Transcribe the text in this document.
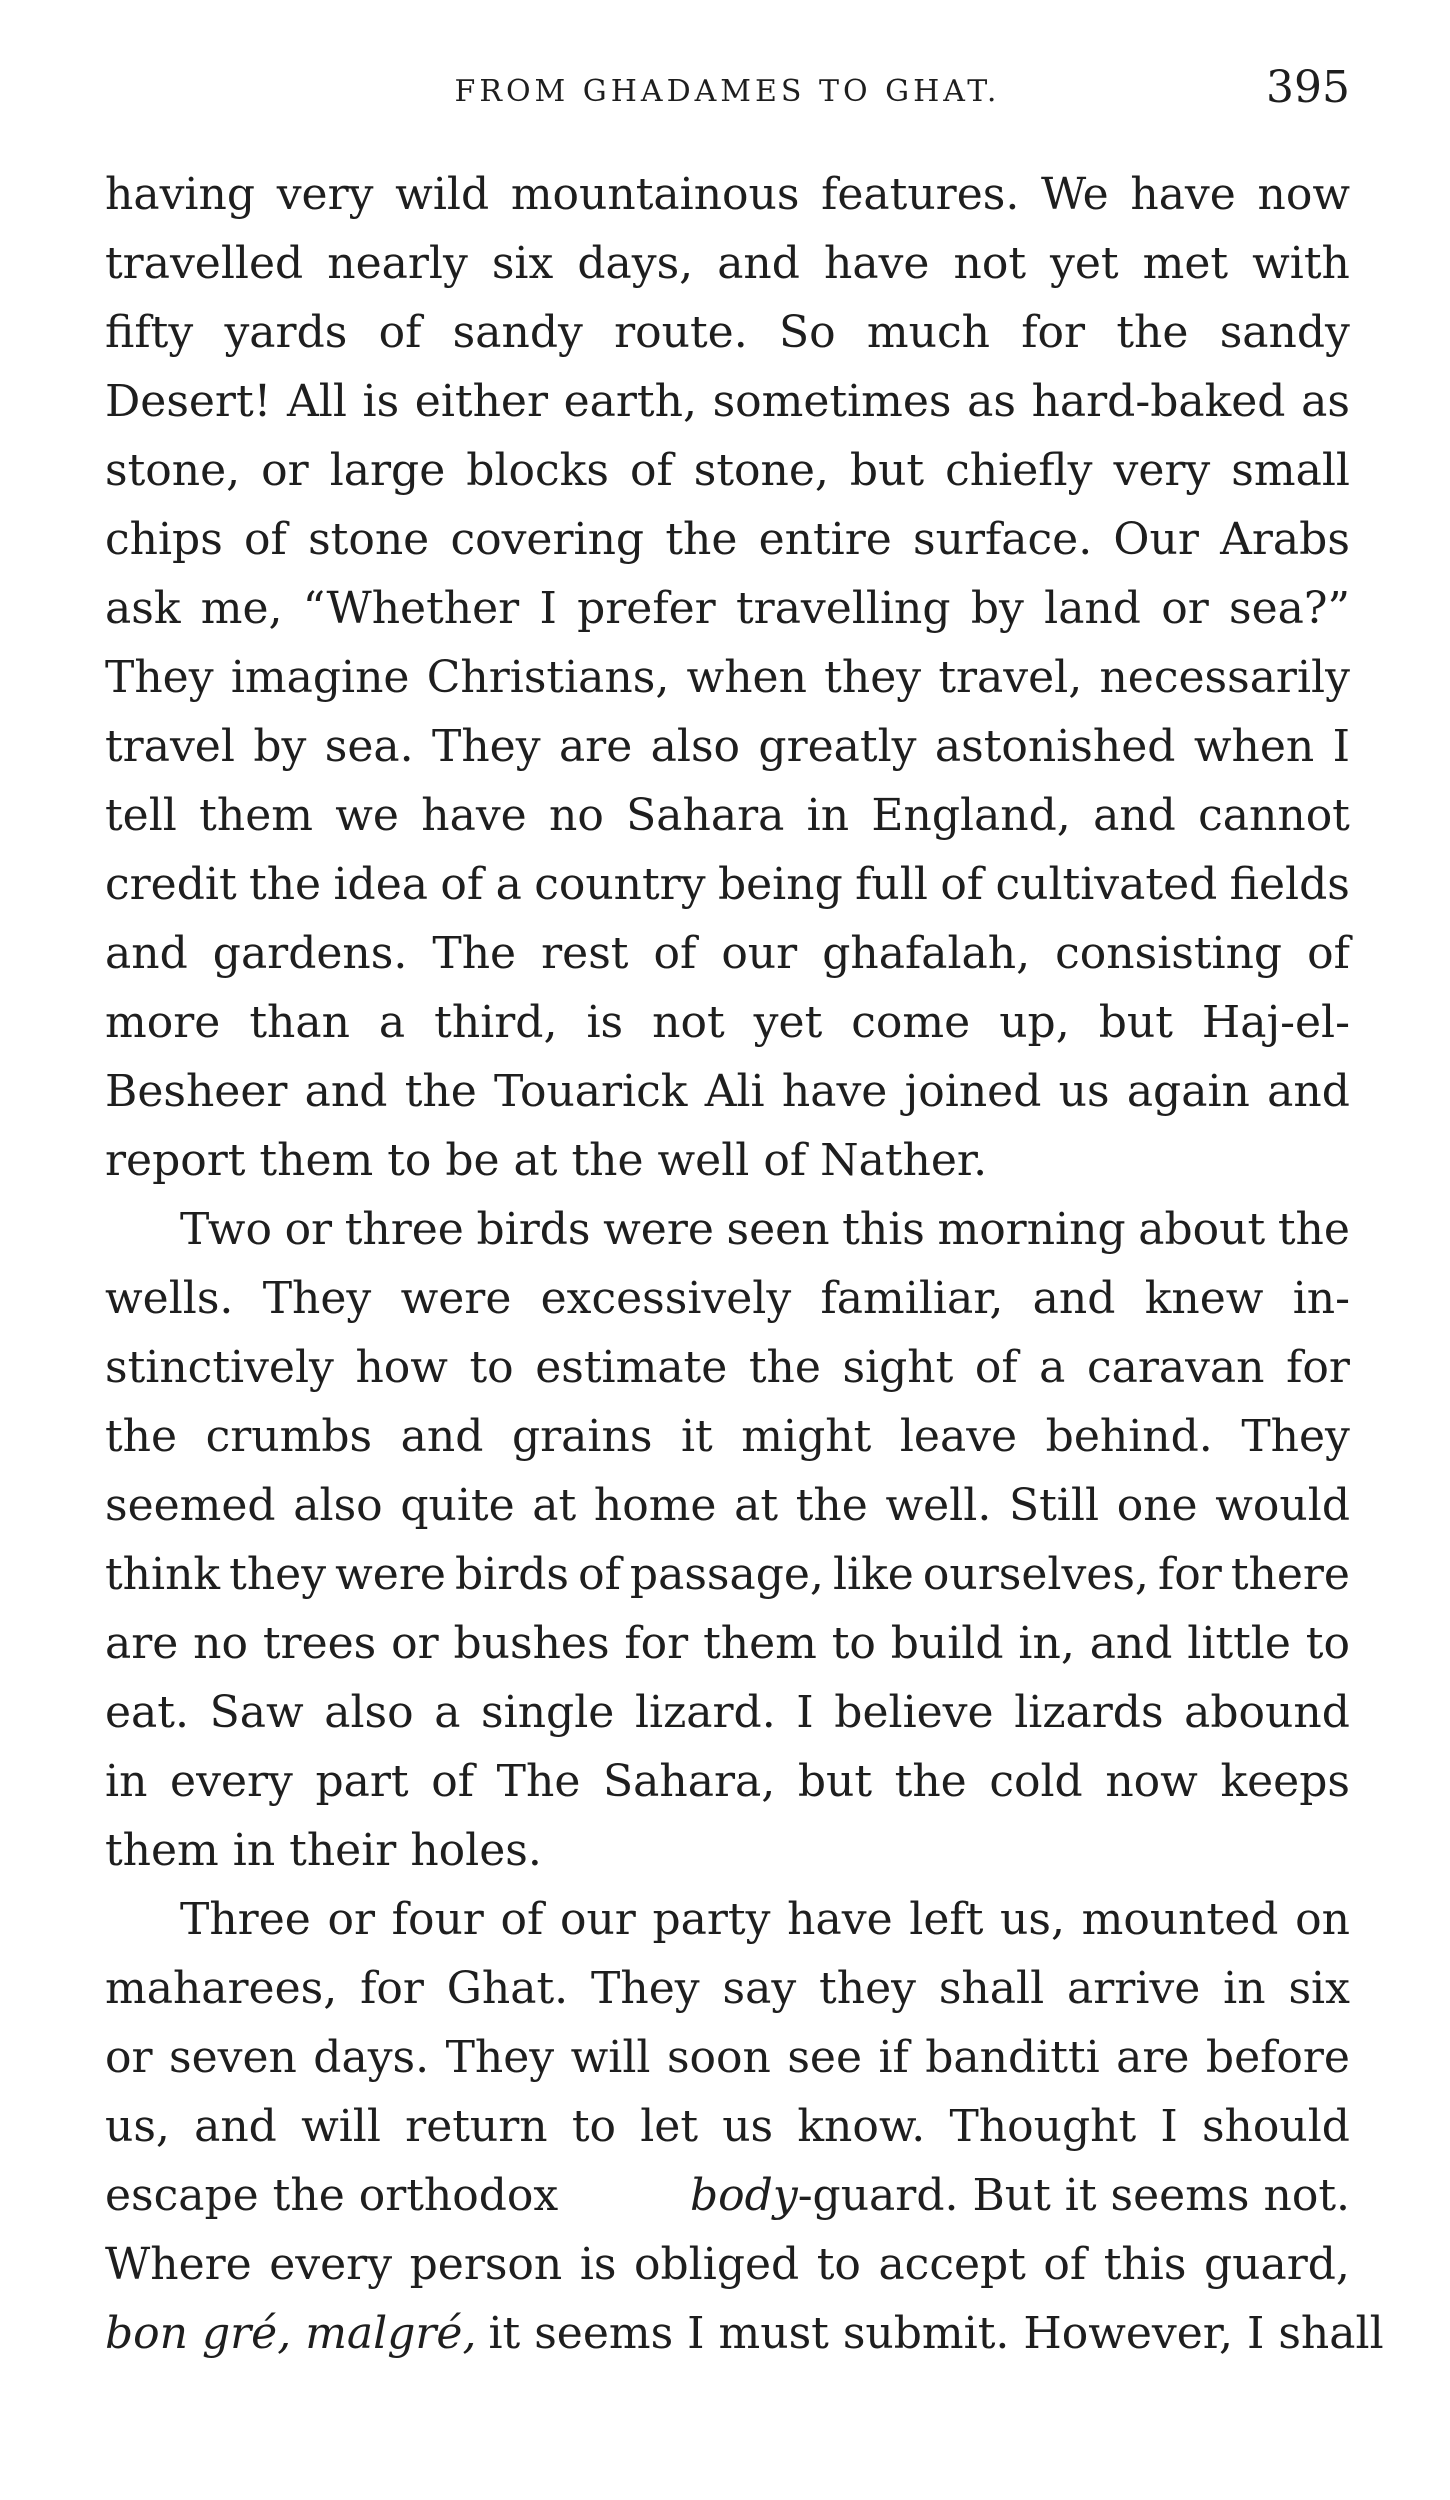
FROM GHADAMES TO GHAT.	395
having very wild mountainous features. We have now
travelled nearly six days, and have not yet met with
fifty yards of sandy route. So much for the sandy
Desert! All is either earth, sometimes as hard-baked as
stone, or large blocks of stone, but chiefly very small
chips of stone covering the entire surface. Our Arabs
ask me, “Whether I prefer travelling by land or sea?”
They imagine Christians, when they travel, necessarily
travel by sea. They are also greatly astonished when I
tell them we have no Sahara in England, and cannot
credit the idea of a country being full of cultivated fields
and gardens. The rest of our ghafalah, consisting of
more than a third, is not yet come up, but Haj-el-
Besheer and the Touarick Ali have joined us again and
report them to be at the well of Nather.
Two or three birds were seen this morning about the
wells. They were excessively familiar, and knew in-
stinctively how to estimate the sight of a caravan for
the crumbs and grains it might leave behind. They
seemed also quite at home at the well. Still one would
think they were birds of passage, like ourselves, for there
are no trees or bushes for them to build in, and little to
eat. Saw also a single lizard. I believe lizards abound
in every part of The Sahara, but the cold now keeps
them in their holes.
Three or four of our party have left us, mounted on
maharees, for Ghat. They say they shall arrive in six
or seven days. They will soon see if banditti are before
us, and will return to let us know. Thought I should
escape the orthodox	body -guard. But it seems not.
Where every person is obliged to accept of this guard,
bon gré, malgré, it seems I must submit. However, I shall
